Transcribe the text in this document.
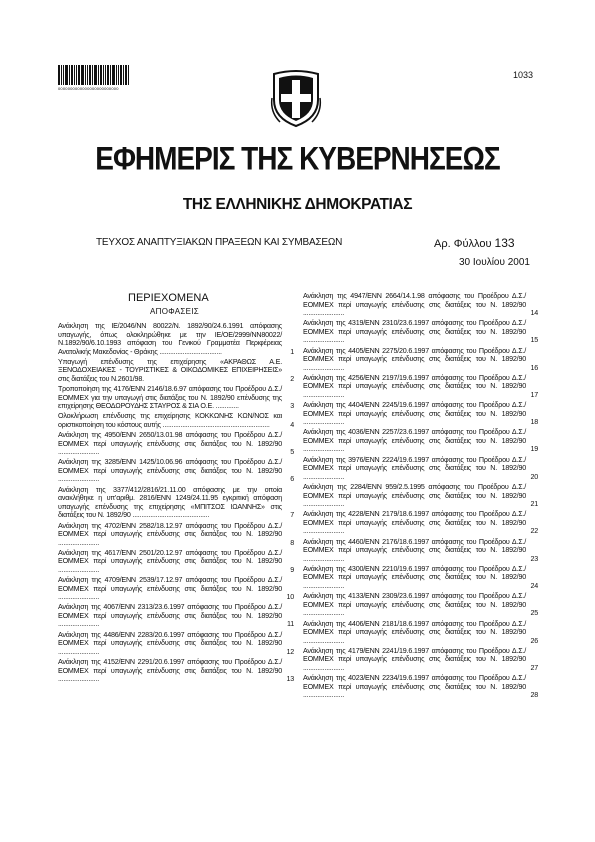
0000000000000000000000000
1033
ΕΦΗΜΕΡΙΣ ΤΗΣ ΚΥΒΕΡΝΗΣΕΩΣ
ΤΗΣ ΕΛΛΗΝΙΚΗΣ ΔΗΜΟΚΡΑΤΙΑΣ
ΤΕΥΧΟΣ ΑΝΑΠΤΥΞΙΑΚΩΝ ΠΡΑΞΕΩΝ ΚΑΙ ΣΥΜΒΑΣΕΩΝ	Αρ. Φύλλου 133
30 Ιουλίου 2001
ΠΕΡΙΕΧΟΜΕΝΑ
ΑΠΟΦΑΣΕΙΣ
Ανάκληση της ΙΕ/2046/ΝΝ 80022/Ν. 1892/90/24.6.1991 απόφασης υπαγωγής, όπως ολοκληρώθηκε με την ΙΕ/ΟΕ/2999/ΝΝ80022/Ν.1892/90/6.10.1993 απόφαση του Γενικού Γραμματέα Περιφέρειας Ανατολικής Μακεδονίας - Θράκης ...................................	1
Υπαγωγή επένδυσης της επιχείρησης «ΑΚΡΑΘΩΣ Α.Ε. ΞΕΝΟΔΟΧΕΙΑΚΕΣ - ΤΟΥΡΙΣΤΙΚΕΣ & ΟΙΚΟΔΟΜΙΚΕΣ ΕΠΙΧΕΙΡΗΣΕΙΣ» στις διατάξεις του Ν.2601/98.	2
Τροποποίηση της 4176/ΕΝΝ 2146/18.6.97 απόφασης του Προέδρου Δ.Σ./ΕΟΜΜΕΧ για την υπαγωγή στις διατάξεις του Ν. 1892/90 επένδυσης της επιχείρησης ΘΕΟΔΩΡΟΥΔΗΣ ΣΤΑΥΡΟΣ & ΣΙΑ Ο.Ε. .............	3
Ολοκλήρωση επένδυσης της επιχείρησης ΚΟΚΚΩΝΗΣ ΚΩΝ/ΝΟΣ και οριστικοποίηση του κόστους αυτής ............................................................	4
Ανάκληση της 4950/ΕΝΝ 2650/13.01.98 απόφασης του Προέδρου Δ.Σ./ΕΟΜΜΕΧ περί υπαγωγής επένδυσης στις διατάξεις του Ν. 1892/90 .......................	5
Ανάκληση της 3285/ΕΝΝ 1425/10.06.96 απόφασης του Προέδρου Δ.Σ./ΕΟΜΜΕΧ περί υπαγωγής επένδυσης στις διατάξεις του Ν. 1892/90 .......................	6
Ανάκληση της 3377/412/2816/21.11.00 απόφασης με την οποία ανακλήθηκε η υπ'αριθμ. 2816/ΕΝΝ 1249/24.11.95 εγκριτική απόφαση υπαγωγής επένδυσης της επιχείρησης «ΜΠΙΤΣΟΣ ΙΩΑΝΝΗΣ» στις διατάξεις του Ν. 1892/90 ...........................................	7
Ανάκληση της 4702/ΕΝΝ 2582/18.12.97 απόφασης του Προέδρου Δ.Σ./ΕΟΜΜΕΧ περί υπαγωγής επένδυσης στις διατάξεις του Ν. 1892/90 .......................	8
Ανάκληση της 4617/ΕΝΝ 2501/20.12.97 απόφασης του Προέδρου Δ.Σ./ΕΟΜΜΕΧ περί υπαγωγής επένδυσης στις διατάξεις του Ν. 1892/90 .......................	9
Ανάκληση της 4709/ΕΝΝ 2539/17.12.97 απόφασης του Προέδρου Δ.Σ./ΕΟΜΜΕΧ περί υπαγωγής επένδυσης στις διατάξεις του Ν. 1892/90 .......................	10
Ανάκληση της 4067/ΕΝΝ 2313/23.6.1997 απόφασης του Προέδρου Δ.Σ./ΕΟΜΜΕΧ περί υπαγωγής επένδυσης στις διατάξεις του Ν. 1892/90 .......................	11
Ανάκληση της 4486/ΕΝΝ 2283/20.6.1997 απόφασης του Προέδρου Δ.Σ./ΕΟΜΜΕΧ περί υπαγωγής επένδυσης στις διατάξεις του Ν. 1892/90 .......................	12
Ανάκληση της 4152/ΕΝΝ 2291/20.6.1997 απόφασης του Προέδρου Δ.Σ./ΕΟΜΜΕΧ περί υπαγωγής επένδυσης στις διατάξεις του Ν. 1892/90 .......................	13
Ανάκληση της 4947/ΕΝΝ 2664/14.1.98 απόφασης του Προέδρου Δ.Σ./ΕΟΜΜΕΧ περί υπαγωγής επένδυσης στις διατάξεις του Ν. 1892/90 .......................	14
Ανάκληση της 4319/ΕΝΝ 2310/23.6.1997 απόφασης του Προέδρου Δ.Σ./ΕΟΜΜΕΧ περί υπαγωγής επένδυσης στις διατάξεις του Ν. 1892/90 .......................	15
Ανάκληση της 4405/ΕΝΝ 2275/20.6.1997 απόφασης του Προέδρου Δ.Σ./ΕΟΜΜΕΧ περί υπαγωγής επένδυσης στις διατάξεις του Ν. 1892/90 .......................	16
Ανάκληση της 4256/ΕΝΝ 2197/19.6.1997 απόφασης του Προέδρου Δ.Σ./ΕΟΜΜΕΧ περί υπαγωγής επένδυσης στις διατάξεις του Ν. 1892/90 .......................	17
Ανάκληση της 4404/ΕΝΝ 2245/19.6.1997 απόφασης του Προέδρου Δ.Σ./ΕΟΜΜΕΧ περί υπαγωγής επένδυσης στις διατάξεις του Ν. 1892/90 .......................	18
Ανάκληση της 4036/ΕΝΝ 2257/23.6.1997 απόφασης του Προέδρου Δ.Σ./ΕΟΜΜΕΧ περί υπαγωγής επένδυσης στις διατάξεις του Ν. 1892/90 .......................	19
Ανάκληση της 3976/ΕΝΝ 2224/19.6.1997 απόφασης του Προέδρου Δ.Σ./ΕΟΜΜΕΧ περί υπαγωγής επένδυσης στις διατάξεις του Ν. 1892/90 .......................	20
Ανάκληση της 2284/ΕΝΝ 959/2.5.1995 απόφασης του Προέδρου Δ.Σ./ΕΟΜΜΕΧ περί υπαγωγής επένδυσης στις διατάξεις του Ν. 1892/90 .......................	21
Ανάκληση της 4228/ΕΝΝ 2179/18.6.1997 απόφασης του Προέδρου Δ.Σ./ΕΟΜΜΕΧ περί υπαγωγής επένδυσης στις διατάξεις του Ν. 1892/90 .......................	22
Ανάκληση της 4460/ΕΝΝ 2176/18.6.1997 απόφασης του Προέδρου Δ.Σ./ΕΟΜΜΕΧ περί υπαγωγής επένδυσης στις διατάξεις του Ν. 1892/90 .......................	23
Ανάκληση της 4300/ΕΝΝ 2210/19.6.1997 απόφασης του Προέδρου Δ.Σ./ΕΟΜΜΕΧ περί υπαγωγής επένδυσης στις διατάξεις του Ν. 1892/90 .......................	24
Ανάκληση της 4133/ΕΝΝ 2309/23.6.1997 απόφασης του Προέδρου Δ.Σ./ΕΟΜΜΕΧ περί υπαγωγής επένδυσης στις διατάξεις του Ν. 1892/90 .......................	25
Ανάκληση της 4406/ΕΝΝ 2181/18.6.1997 απόφασης του Προέδρου Δ.Σ./ΕΟΜΜΕΧ περί υπαγωγής επένδυσης στις διατάξεις του Ν. 1892/90 .......................	26
Ανάκληση της 4179/ΕΝΝ 2241/19.6.1997 απόφασης του Προέδρου Δ.Σ./ΕΟΜΜΕΧ περί υπαγωγής επένδυσης στις διατάξεις του Ν. 1892/90 .......................	27
Ανάκληση της 4023/ΕΝΝ 2234/19.6.1997 απόφασης του Προέδρου Δ.Σ./ΕΟΜΜΕΧ περί υπαγωγής επένδυσης στις διατάξεις του Ν. 1892/90 .......................	28
